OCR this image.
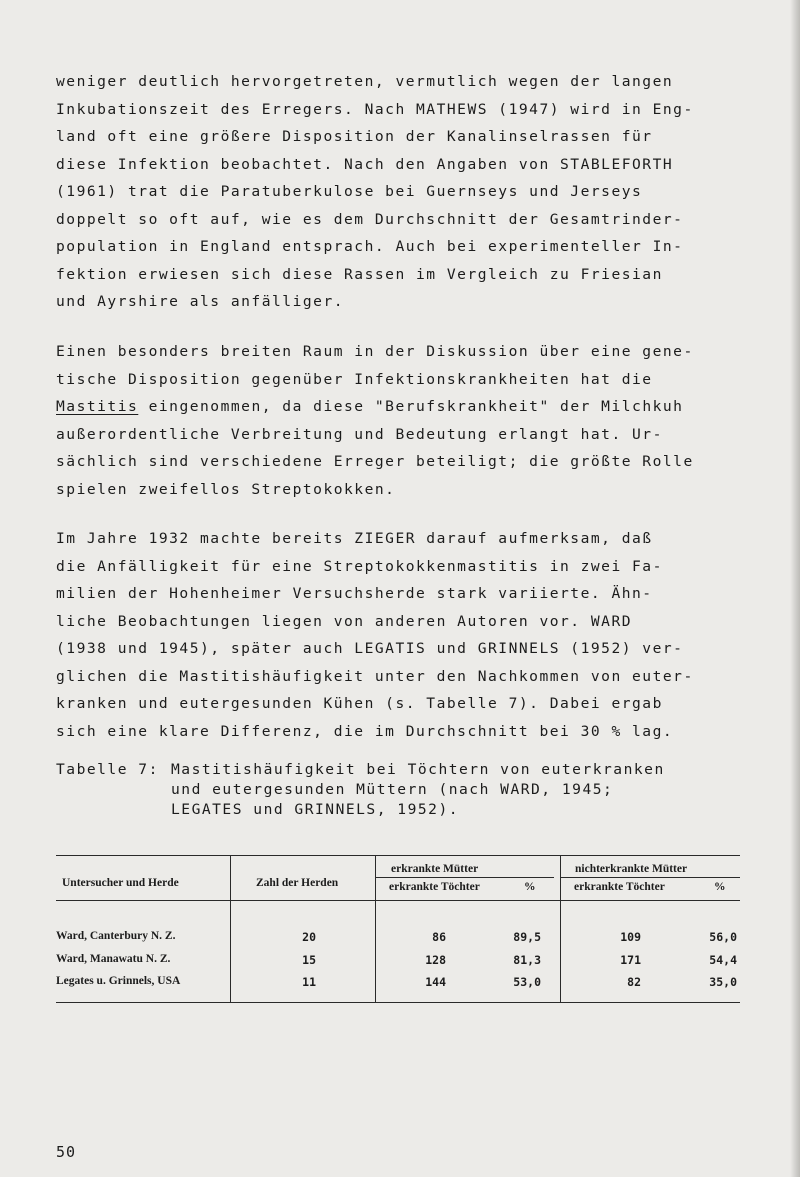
weniger deutlich hervorgetreten, vermutlich wegen der langen
Inkubationszeit des Erregers. Nach MATHEWS (1947) wird in Eng-
land oft eine größere Disposition der Kanalinselrassen für
diese Infektion beobachtet. Nach den Angaben von STABLEFORTH
(1961) trat die Paratuberkulose bei Guernseys und Jerseys
doppelt so oft auf, wie es dem Durchschnitt der Gesamtrinder-
population in England entsprach. Auch bei experimenteller In-
fektion erwiesen sich diese Rassen im Vergleich zu Friesian
und Ayrshire als anfälliger.
Einen besonders breiten Raum in der Diskussion über eine gene-
tische Disposition gegenüber Infektionskrankheiten hat die
Mastitis eingenommen, da diese "Berufskrankheit" der Milchkuh
außerordentliche Verbreitung und Bedeutung erlangt hat. Ur-
sächlich sind verschiedene Erreger beteiligt; die größte Rolle
spielen zweifellos Streptokokken.
Im Jahre 1932 machte bereits ZIEGER darauf aufmerksam, daß
die Anfälligkeit für eine Streptokokkenmastitis in zwei Fa-
milien der Hohenheimer Versuchsherde stark variierte. Ähn-
liche Beobachtungen liegen von anderen Autoren vor. WARD
(1938 und 1945), später auch LEGATIS und GRINNELS (1952) ver-
glichen die Mastitishäufigkeit unter den Nachkommen von euter-
kranken und eutergesunden Kühen (s. Tabelle 7). Dabei ergab
sich eine klare Differenz, die im Durchschnitt bei 30 % lag.
Tabelle 7: Mastitishäufigkeit bei Töchtern von euterkranken
und eutergesunden Müttern (nach WARD, 1945;
LEGATES und GRINNELS, 1952).
Untersucher und Herde	Zahl der Herden
erkrankte Mütter	nichterkrankte Mütter
erkrankte Töchter	%	erkrankte Töchter	%
Ward, Canterbury N. Z.	20	86	89,5	109	56,0
Ward, Manawatu N. Z.	15	128	81,3	171	54,4
Legates u. Grinnels, USA	11	144	53,0	82	35,0
50
